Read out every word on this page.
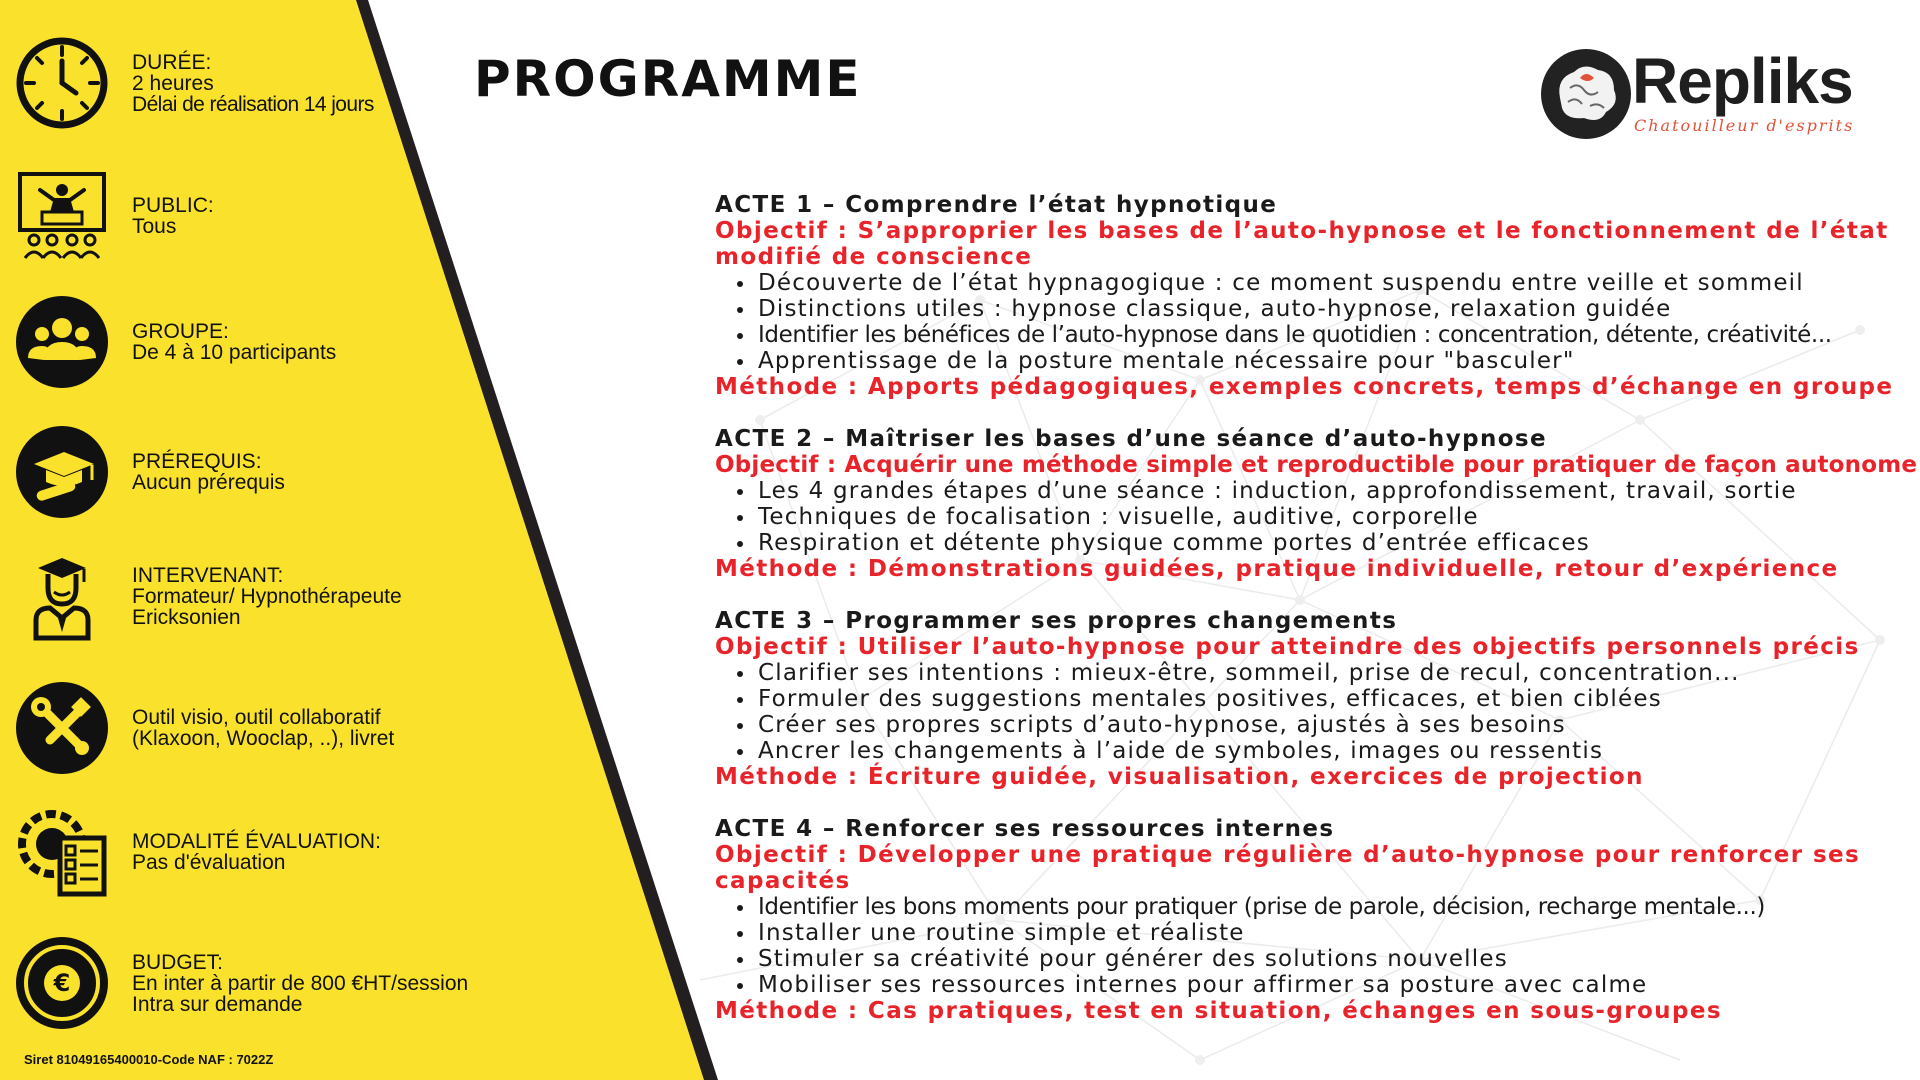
DURÉE:
2 heures
Délai de réalisation 14 jours
PUBLIC:
Tous
GROUPE:
De 4 à 10 participants
PRÉREQUIS:
Aucun prérequis
INTERVENANT:
Formateur/ Hypnothérapeute
Ericksonien
Outil visio, outil collaboratif
(Klaxoon, Wooclap, ..), livret
MODALITÉ ÉVALUATION:
Pas d'évaluation
€
BUDGET:
En inter à partir de 800 €HT/session
Intra sur demande
Siret 81049165400010-Code NAF : 7022Z
PROGRAMME	Repliks
Chatouilleur d'esprits
ACTE 1 – Comprendre l’état hypnotique
Objectif : S’approprier les bases de l’auto-hypnose et le fonctionnement de l’état modifié de conscience
Découverte de l’état hypnagogique : ce moment suspendu entre veille et sommeil
Distinctions utiles : hypnose classique, auto-hypnose, relaxation guidée
Identifier les bénéfices de l’auto-hypnose dans le quotidien : concentration, détente, créativité...
Apprentissage de la posture mentale nécessaire pour "basculer"
Méthode : Apports pédagogiques, exemples concrets, temps d’échange en groupe
ACTE 2 – Maîtriser les bases d’une séance d’auto-hypnose
Objectif : Acquérir une méthode simple et reproductible pour pratiquer de façon autonome
Les 4 grandes étapes d’une séance : induction, approfondissement, travail, sortie
Techniques de focalisation : visuelle, auditive, corporelle
Respiration et détente physique comme portes d’entrée efficaces
Méthode : Démonstrations guidées, pratique individuelle, retour d’expérience
ACTE 3 – Programmer ses propres changements
Objectif : Utiliser l’auto-hypnose pour atteindre des objectifs personnels précis
Clarifier ses intentions : mieux-être, sommeil, prise de recul, concentration...
Formuler des suggestions mentales positives, efficaces, et bien ciblées
Créer ses propres scripts d’auto-hypnose, ajustés à ses besoins
Ancrer les changements à l’aide de symboles, images ou ressentis
Méthode : Écriture guidée, visualisation, exercices de projection
ACTE 4 – Renforcer ses ressources internes
Objectif : Développer une pratique régulière d’auto-hypnose pour renforcer ses capacités
Identifier les bons moments pour pratiquer (prise de parole, décision, recharge mentale...)
Installer une routine simple et réaliste
Stimuler sa créativité pour générer des solutions nouvelles
Mobiliser ses ressources internes pour affirmer sa posture avec calme
Méthode : Cas pratiques, test en situation, échanges en sous-groupes
